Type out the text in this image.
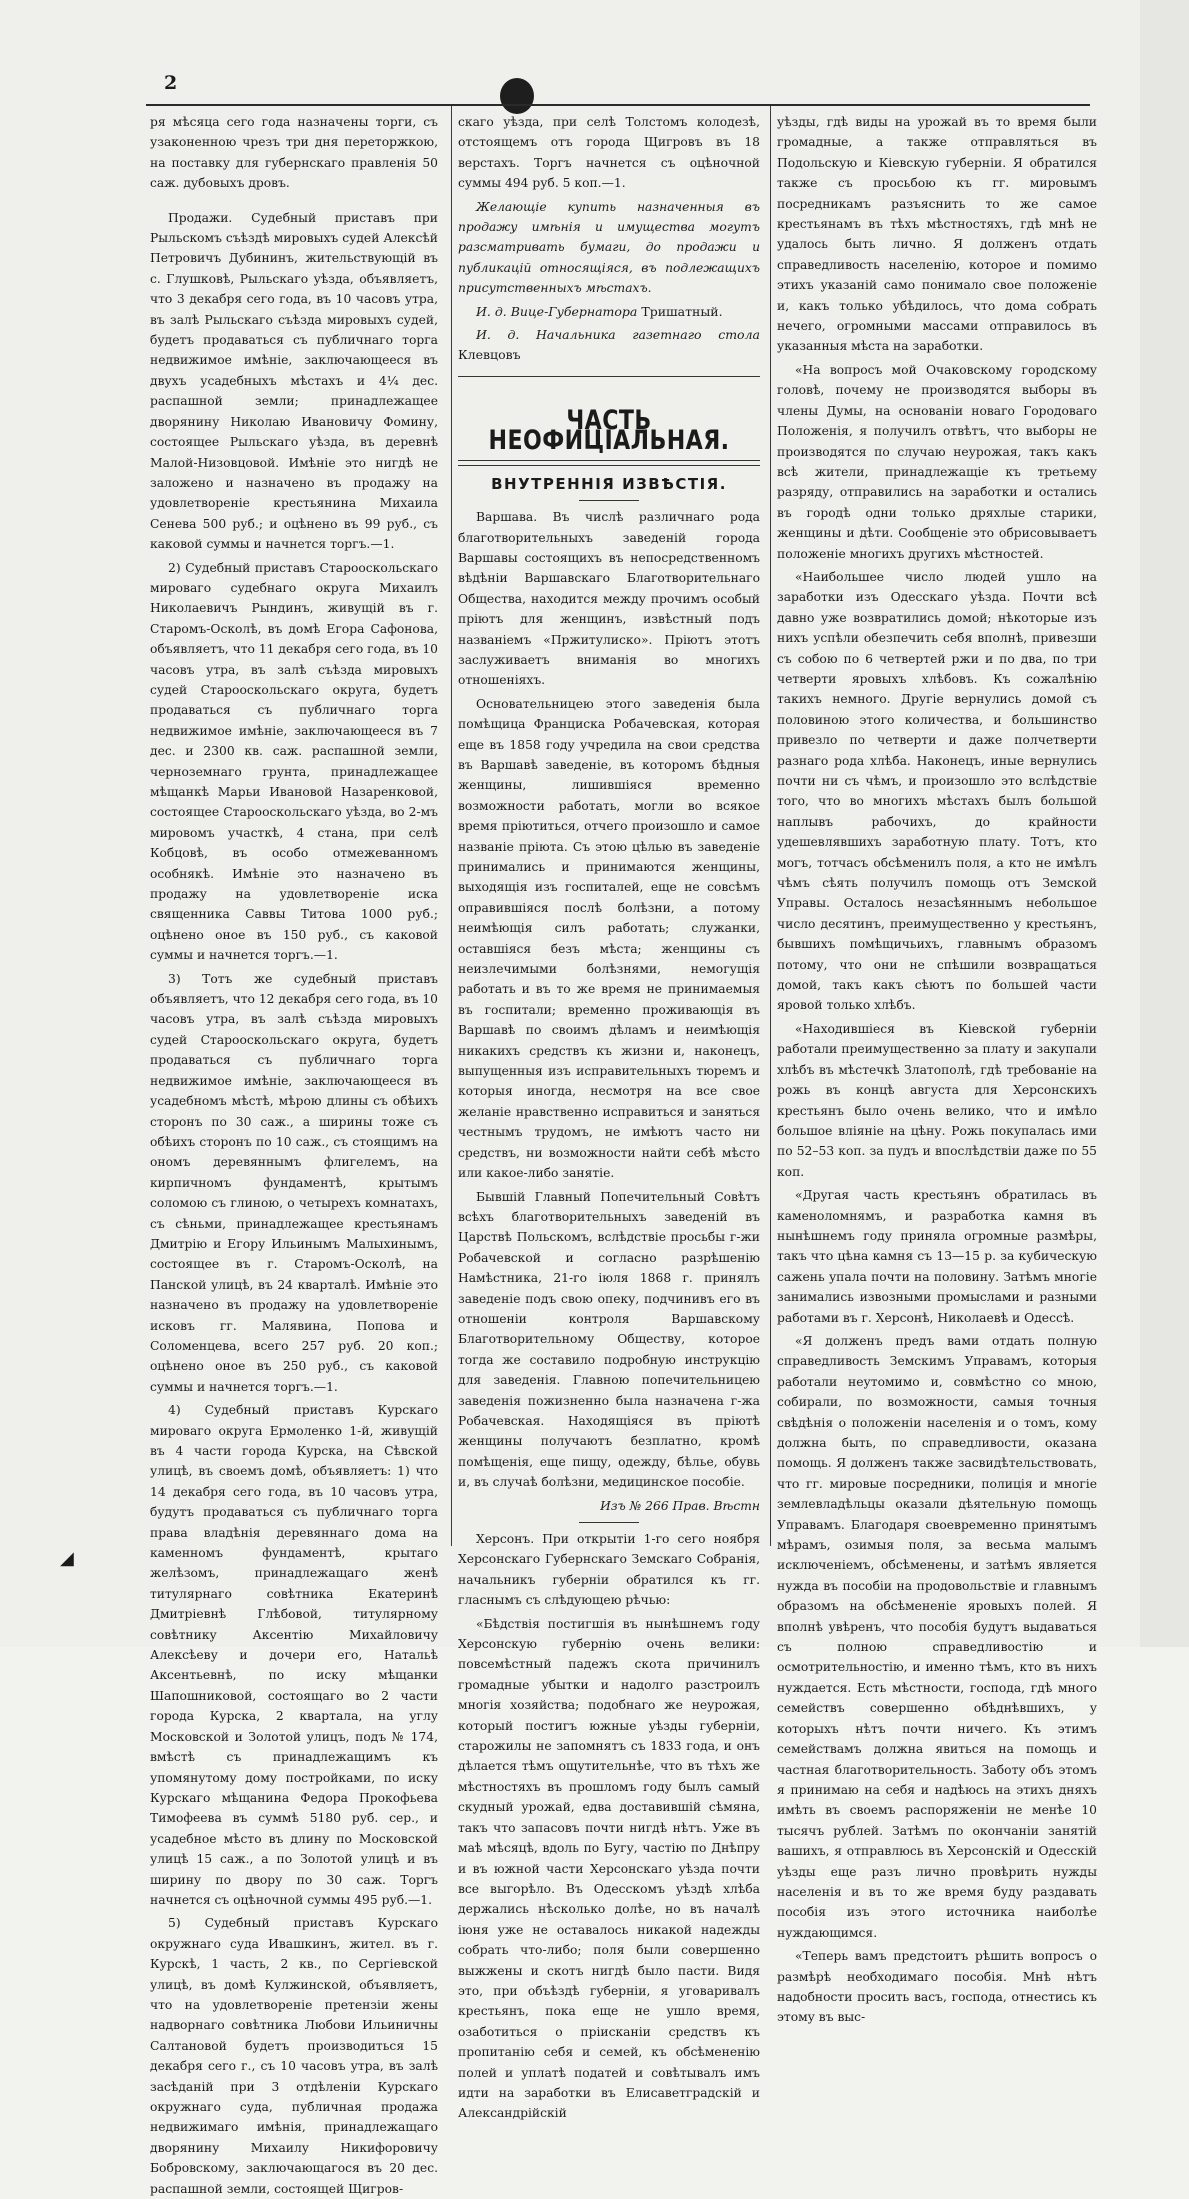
2

ря мѣсяца сего года назначены торги, съ узаконенною чрезъ три дня переторжкою, на поставку для губернскаго правленія 50 саж. дубовыхъ дровъ.

Продажи. Судебный приставъ при Рыльскомъ съѣздѣ мировыхъ судей Алексѣй Петровичъ Дубининъ, жительствующій въ с. Глушковѣ, Рыльскаго уѣзда, объявляетъ, что 3 декабря сего года, въ 10 часовъ утра, въ залѣ Рыльскаго съѣзда мировыхъ судей, будетъ продаваться съ публичнаго торга недвижимое имѣніе, заключающееся въ двухъ усадебныхъ мѣстахъ и 4¼ дес. распашной земли; принадлежащее дворянину Николаю Ивановичу Фомину, состоящее Рыльскаго уѣзда, въ деревнѣ Малой-Низовцовой. Имѣніе это нигдѣ не заложено и назначено въ продажу на удовлетвореніе крестьянина Михаила Сенева 500 руб.; и оцѣнено въ 99 руб., съ каковой суммы и начнется торгъ.—1.

2) Судебный приставъ Старооскольскаго мироваго судебнаго округа Михаилъ Николаевичъ Рындинъ, живущій въ г. Старомъ-Осколѣ, въ домѣ Егора Сафонова, объявляетъ, что 11 декабря сего года, въ 10 часовъ утра, въ залѣ съѣзда мировыхъ судей Старооскольскаго округа, будетъ продаваться съ публичнаго торга недвижимое имѣніе, заключающееся въ 7 дес. и 2300 кв. саж. распашной земли, черноземнаго грунта, принадлежащее мѣщанкѣ Марьи Ивановой Назаренковой, состоящее Старооскольскаго уѣзда, во 2-мъ мировомъ участкѣ, 4 стана, при селѣ Кобцовѣ, въ особо отмежеванномъ особнякѣ. Имѣніе это назначено въ продажу на удовлетвореніе иска священника Саввы Титова 1000 руб.; оцѣнено оное въ 150 руб., съ каковой суммы и начнется торгъ.—1.

3) Тотъ же судебный приставъ объявляетъ, что 12 декабря сего года, въ 10 часовъ утра, въ залѣ съѣзда мировыхъ судей Старооскольскаго округа, будетъ продаваться съ публичнаго торга недвижимое имѣніе, заключающееся въ усадебномъ мѣстѣ, мѣрою длины съ обѣихъ сторонъ по 30 саж., а ширины тоже съ обѣихъ сторонъ по 10 саж., съ стоящимъ на ономъ деревяннымъ флигелемъ, на кирпичномъ фундаментѣ, крытымъ соломою съ глиною, о четырехъ комнатахъ, съ сѣньми, принадлежащее крестьянамъ Дмитрію и Егору Ильинымъ Малыхинымъ, состоящее въ г. Старомъ-Осколѣ, на Панской улицѣ, въ 24 кварталѣ. Имѣніе это назначено въ продажу на удовлетвореніе исковъ гг. Малявина, Попова и Соломенцева, всего 257 руб. 20 коп.; оцѣнено оное въ 250 руб., съ каковой суммы и начнется торгъ.—1.

4) Судебный приставъ Курскаго мироваго округа Ермоленко 1-й, живущій въ 4 части города Курска, на Сѣвской улицѣ, въ своемъ домѣ, объявляетъ: 1) что 14 декабря сего года, въ 10 часовъ утра, будутъ продаваться съ публичнаго торга права владѣнія деревяннаго дома на каменномъ фундаментѣ, крытаго желѣзомъ, принадлежащаго женѣ титулярнаго совѣтника Екатеринѣ Дмитріевнѣ Глѣбовой, титулярному совѣтнику Аксентію Михайловичу Алексѣеву и дочери его, Натальѣ Аксентьевнѣ, по иску мѣщанки Шапошниковой, состоящаго во 2 части города Курска, 2 квартала, на углу Московской и Золотой улицъ, подъ № 174, вмѣстѣ съ принадлежащимъ къ упомянутому дому постройками, по иску Курскаго мѣщанина Федора Прокофьева Тимофеева въ суммѣ 5180 руб. сер., и усадебное мѣсто въ длину по Московской улицѣ 15 саж., а по Золотой улицѣ и въ ширину по двору по 30 саж. Торгъ начнется съ оцѣночной суммы 495 руб.—1.

5) Судебный приставъ Курскаго окружнаго суда Ивашкинъ, жител. въ г. Курскѣ, 1 часть, 2 кв., по Сергіевской улицѣ, въ домѣ Кулжинской, объявляетъ, что на удовлетвореніе претензіи жены надворнаго совѣтника Любови Ильиничны Салтановой будетъ производиться 15 декабря сего г., съ 10 часовъ утра, въ залѣ засѣданій при 3 отдѣленіи Курскаго окружнаго суда, публичная продажа недвижимаго имѣнія, принадлежащаго дворянину Михаилу Никифоровичу Бобровскому, заключающагося въ 20 дес. распашной земли, состоящей Щигров-

скаго уѣзда, при селѣ Толстомъ колодезѣ, отстоящемъ отъ города Щигровъ въ 18 верстахъ. Торгъ начнется съ оцѣночной суммы 494 руб. 5 коп.—1.

Желающіе купить назначенныя въ продажу имѣнія и имущества могутъ разсматривать бумаги, до продажи и публикацій относящіяся, въ подлежащихъ присутственныхъ мѣстахъ.

И. д. Вице-Губернатора Тришатный.

И. д. Начальника газетнаго стола Клевцовъ

ЧАСТЬ НЕОФИЦІАЛЬНАЯ.
ВНУТРЕННІЯ ИЗВѢСТІЯ.

Варшава. Въ числѣ различнаго рода благотворительныхъ заведеній города Варшавы состоящихъ въ непосредственномъ вѣдѣніи Варшавскаго Благотворительнаго Общества, находится между прочимъ особый пріютъ для женщинъ, извѣстный подъ названіемъ «Пржитулиско». Пріютъ этотъ заслуживаетъ вниманія во многихъ отношеніяхъ.

Основательницею этого заведенія была помѣщица Франциска Робачевская, которая еще въ 1858 году учредила на свои средства въ Варшавѣ заведеніе, въ которомъ бѣдныя женщины, лишившіяся временно возможности работать, могли во всякое время пріютиться, отчего произошло и самое названіе пріюта. Съ этою цѣлью въ заведеніе принимались и принимаются женщины, выходящія изъ госпиталей, еще не совсѣмъ оправившіяся послѣ болѣзни, а потому неимѣющія силъ работать; служанки, оставшіяся безъ мѣста; женщины съ неизлечимыми болѣзнями, немогущія работать и въ то же время не принимаемыя въ госпитали; временно проживающія въ Варшавѣ по своимъ дѣламъ и неимѣющія никакихъ средствъ къ жизни и, наконецъ, выпущенныя изъ исправительныхъ тюремъ и которыя иногда, несмотря на все свое желаніе нравственно исправиться и заняться честнымъ трудомъ, не имѣютъ часто ни средствъ, ни возможности найти себѣ мѣсто или какое-либо занятіе.

Бывшій Главный Попечительный Совѣтъ всѣхъ благотворительныхъ заведеній въ Царствѣ Польскомъ, вслѣдствіе просьбы г-жи Робачевской и согласно разрѣшенію Намѣстника, 21-го іюля 1868 г. принялъ заведеніе подъ свою опеку, подчинивъ его въ отношеніи контроля Варшавскому Благотворительному Обществу, которое тогда же составило подробную инструкцію для заведенія. Главною попечительницею заведенія пожизненно была назначена г-жа Робачевская. Находящіяся въ пріютѣ женщины получаютъ безплатно, кромѣ помѣщенія, еще пищу, одежду, бѣлье, обувь и, въ случаѣ болѣзни, медицинское пособіе.

Изъ № 266 Прав. Вѣстн

Херсонъ. При открытіи 1-го сего ноября Херсонскаго Губернскаго Земскаго Собранія, начальникъ губерніи обратился къ гг. гласнымъ съ слѣдующею рѣчью:

«Бѣдствія постигшія въ нынѣшнемъ году Херсонскую губернію очень велики: повсемѣстный падежъ скота причинилъ громадные убытки и надолго разстроилъ многія хозяйства; подобнаго же неурожая, который постигъ южные уѣзды губерніи, старожилы не запомнятъ съ 1833 года, и онъ дѣлается тѣмъ ощутительнѣе, что въ тѣхъ же мѣстностяхъ въ прошломъ году былъ самый скудный урожай, едва доставившій сѣмяна, такъ что запасовъ почти нигдѣ нѣтъ. Уже въ маѣ мѣсяцѣ, вдоль по Бугу, частію по Днѣпру и въ южной части Херсонскаго уѣзда почти все выгорѣло. Въ Одесскомъ уѣздѣ хлѣба держались нѣсколько долѣе, но въ началѣ іюня уже не оставалось никакой надежды собрать что-либо; поля были совершенно выжжены и скотъ нигдѣ было пасти. Видя это, при объѣздѣ губерніи, я уговаривалъ крестьянъ, пока еще не ушло время, озаботиться о пріисканіи средствъ къ пропитанію себя и семей, къ обсѣмененію полей и уплатѣ податей и совѣтывалъ имъ идти на заработки въ Елисаветградскій и Александрійскій

уѣзды, гдѣ виды на урожай въ то время были громадные, а также отправляться въ Подольскую и Кіевскую губерніи. Я обратился также съ просьбою къ гг. мировымъ посредникамъ разъяснить то же самое крестьянамъ въ тѣхъ мѣстностяхъ, гдѣ мнѣ не удалось быть лично. Я долженъ отдать справедливость населенію, которое и помимо этихъ указаній само понимало свое положеніе и, какъ только убѣдилось, что дома собрать нечего, огромными массами отправилось въ указанныя мѣста на заработки.

«На вопросъ мой Очаковскому городскому головѣ, почему не производятся выборы въ члены Думы, на основаніи новаго Городоваго Положенія, я получилъ отвѣтъ, что выборы не производятся по случаю неурожая, такъ какъ всѣ жители, принадлежащіе къ третьему разряду, отправились на заработки и остались въ городѣ одни только дряхлые старики, женщины и дѣти. Сообщеніе это обрисовываетъ положеніе многихъ другихъ мѣстностей.

«Наибольшее число людей ушло на заработки изъ Одесскаго уѣзда. Почти всѣ давно уже возвратились домой; нѣкоторые изъ нихъ успѣли обезпечить себя вполнѣ, привезши съ собою по 6 четвертей ржи и по два, по три четверти яровыхъ хлѣбовъ. Къ сожалѣнію такихъ немного. Другіе вернулись домой съ половиною этого количества, и большинство привезло по четверти и даже полчетверти разнаго рода хлѣба. Наконецъ, иные вернулись почти ни съ чѣмъ, и произошло это вслѣдствіе того, что во многихъ мѣстахъ былъ большой наплывъ рабочихъ, до крайности удешевлявшихъ заработную плату. Тотъ, кто могъ, тотчасъ обсѣменилъ поля, а кто не имѣлъ чѣмъ сѣять получилъ помощь отъ Земской Управы. Осталось незасѣяннымъ небольшое число десятинъ, преимущественно у крестьянъ, бывшихъ помѣщичьихъ, главнымъ образомъ потому, что они не спѣшили возвращаться домой, такъ какъ сѣютъ по большей части яровой только хлѣбъ.

«Находившіеся въ Кіевской губерніи работали преимущественно за плату и закупали хлѣбъ въ мѣстечкѣ Златополѣ, гдѣ требованіе на рожь въ концѣ августа для Херсонскихъ крестьянъ было очень велико, что и имѣло большое вліяніе на цѣну. Рожь покупалась ими по 52–53 коп. за пудъ и впослѣдствіи даже по 55 коп.

«Другая часть крестьянъ обратилась въ каменоломнямъ, и разработка камня въ нынѣшнемъ году приняла огромные размѣры, такъ что цѣна камня съ 13—15 р. за кубическую сажень упала почти на половину. Затѣмъ многіе занимались извозными промыслами и разными работами въ г. Херсонѣ, Николаевѣ и Одессѣ.

«Я долженъ предъ вами отдать полную справедливость Земскимъ Управамъ, которыя работали неутомимо и, совмѣстно со мною, собирали, по возможности, самыя точныя свѣдѣнія о положеніи населенія и о томъ, кому должна быть, по справедливости, оказана помощь. Я долженъ также засвидѣтельствовать, что гг. мировые посредники, полиція и многіе землевладѣльцы оказали дѣятельную помощь Управамъ. Благодаря своевременно принятымъ мѣрамъ, озимыя поля, за весьма малымъ исключеніемъ, обсѣменены, и затѣмъ является нужда въ пособіи на продовольствіе и главнымъ образомъ на обсѣмененіе яровыхъ полей. Я вполнѣ увѣренъ, что пособія будутъ выдаваться съ полною справедливостію и осмотрительностію, и именно тѣмъ, кто въ нихъ нуждается. Есть мѣстности, господа, гдѣ много семействъ совершенно обѣднѣвшихъ, у которыхъ нѣтъ почти ничего. Къ этимъ семействамъ должна явиться на помощь и частная благотворительность. Заботу объ этомъ я принимаю на себя и надѣюсь на этихъ дняхъ имѣть въ своемъ распоряженіи не менѣе 10 тысячъ рублей. Затѣмъ по окончаніи занятій вашихъ, я отправлюсь въ Херсонскій и Одесскій уѣзды еще разъ лично провѣрить нужды населенія и въ то же время буду раздавать пособія изъ этого источника наиболѣе нуждающимся.

«Теперь вамъ предстоитъ рѣшить вопросъ о размѣрѣ необходимаго пособія. Мнѣ нѣтъ надобности просить васъ, господа, отнестись къ этому въ выс-

◢
